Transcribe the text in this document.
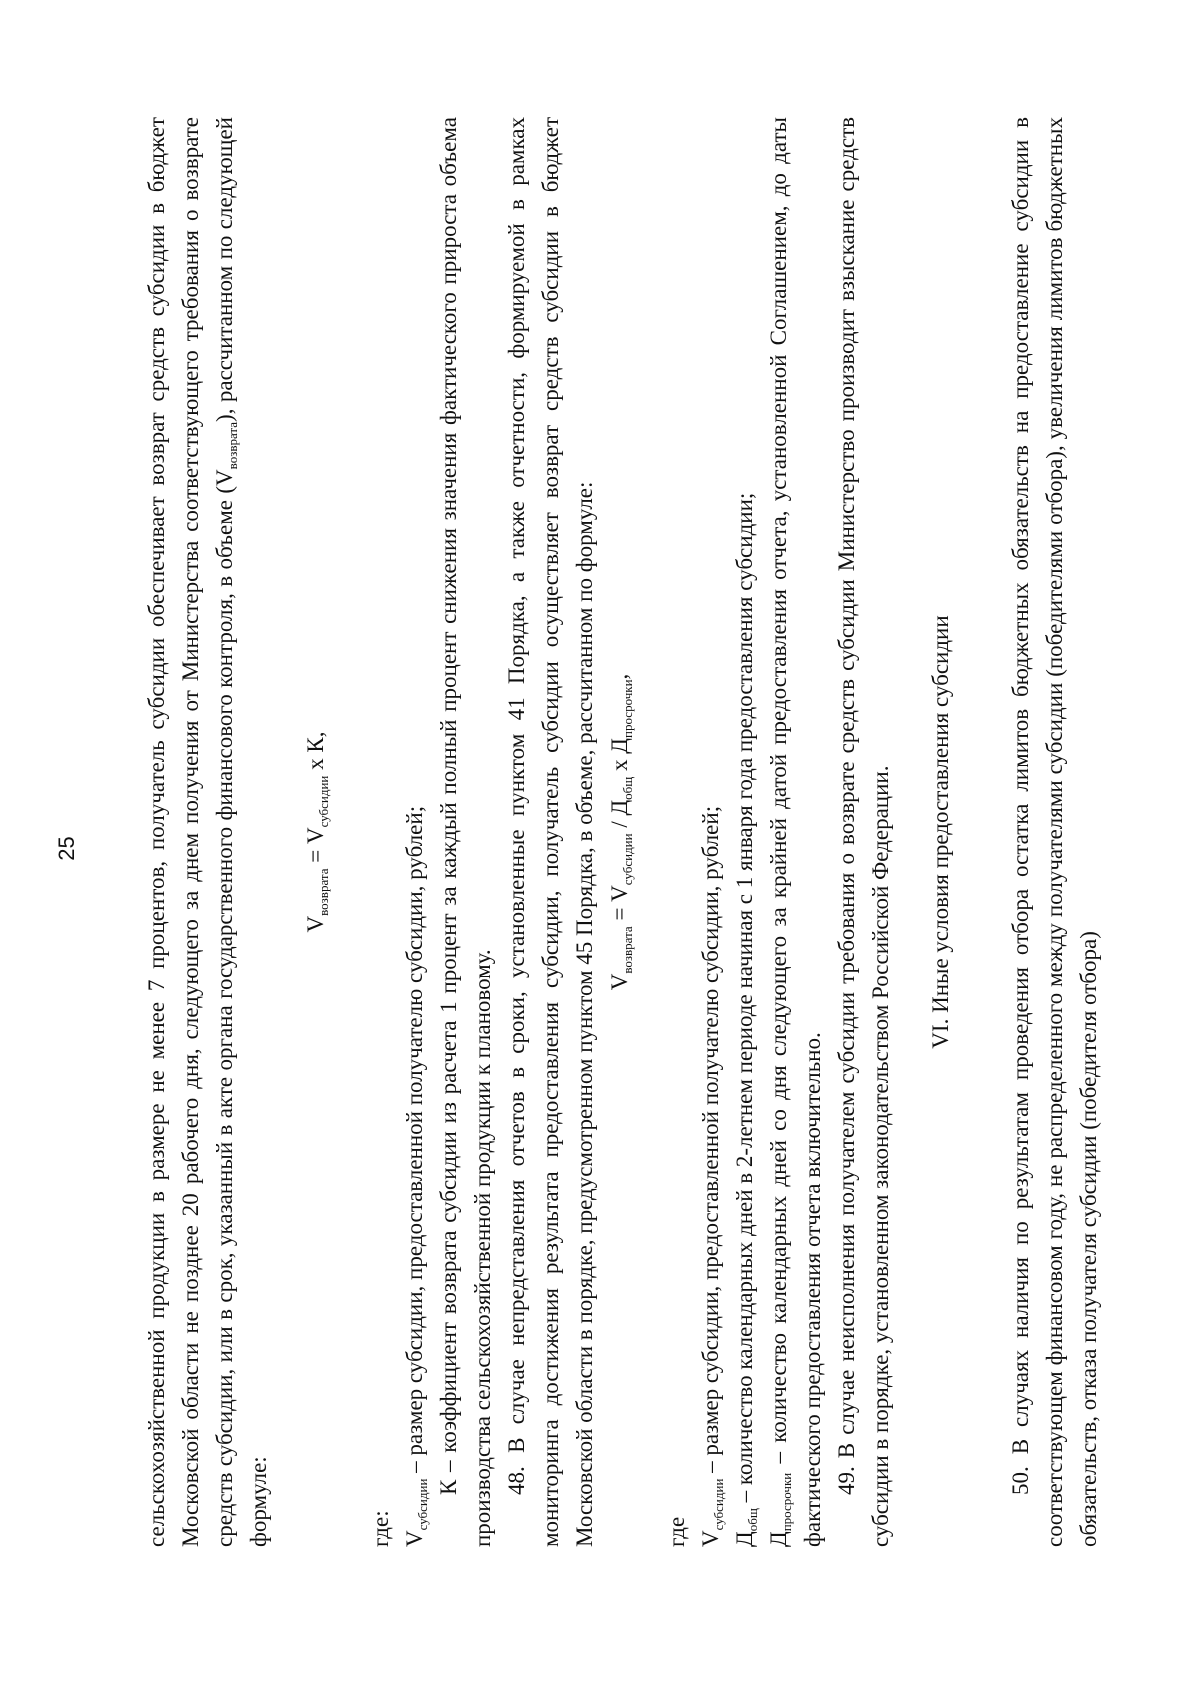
25	сельскохозяйственной продукции в размере не менее 7 процентов, получатель субсидии обеспечивает возврат средств субсидии в бюджет Московской области не позднее 20 рабочего дня, следующего за днем получения от Министерства соответствующего требования о возврате средств субсидии, или в срок, указанный в акте органа государственного финансового контроля, в объеме $(V_{возврата})$, рассчитанном по следующей формуле:

$V_{возврата} = V_{субсидии}$ х К,

где: $V_{субсидии}$ – размер субсидии, предоставленной получателю субсидии, рублей; К – коэффициент возврата субсидии из расчета 1 процент за каждый полный процент снижения значения фактического прироста объема производства сельскохозяйственной продукции к плановому. 48. В случае непредставления отчетов в сроки, установленные пунктом 41 Порядка, а также отчетности, формируемой в рамках мониторинга достижения результата предоставления субсидии, получатель субсидии осуществляет возврат средств субсидии в бюджет Московской области в порядке, предусмотренном пунктом 45 Порядка, в объеме, рассчитанном по формуле: $V_{возврата} = V_{субсидии} / Д_{общ}$ х $Д_{просрочки}$,

где $V_{субсидии}$ – размер субсидии, предоставленной получателю субсидии, рублей;

$Д_{общ}$ – количество календарных дней в 2-летнем периоде начиная с 1 января года предоставления субсидии;

$Д_{просрочки}$ – количество календарных дней со дня следующего за крайней датой предоставления отчета, установленной Соглашением, до даты фактического предоставления отчета включительно. 49. В случае неисполнения получателем субсидии требования о возврате средств субсидии Министерство производит взыскание средств субсидии в порядке, установленном законодательством Российской Федерации. VI. Иные условия предоставления субсидии 50. В случаях наличия по результатам проведения отбора остатка лимитов бюджетных обязательств на предоставление субсидии в соответствующем финансовом году, не распределенного между получателями субсидии (победителями отбора), увеличения лимитов бюджетных обязательств, отказа получателя субсидии (победителя отбора)
